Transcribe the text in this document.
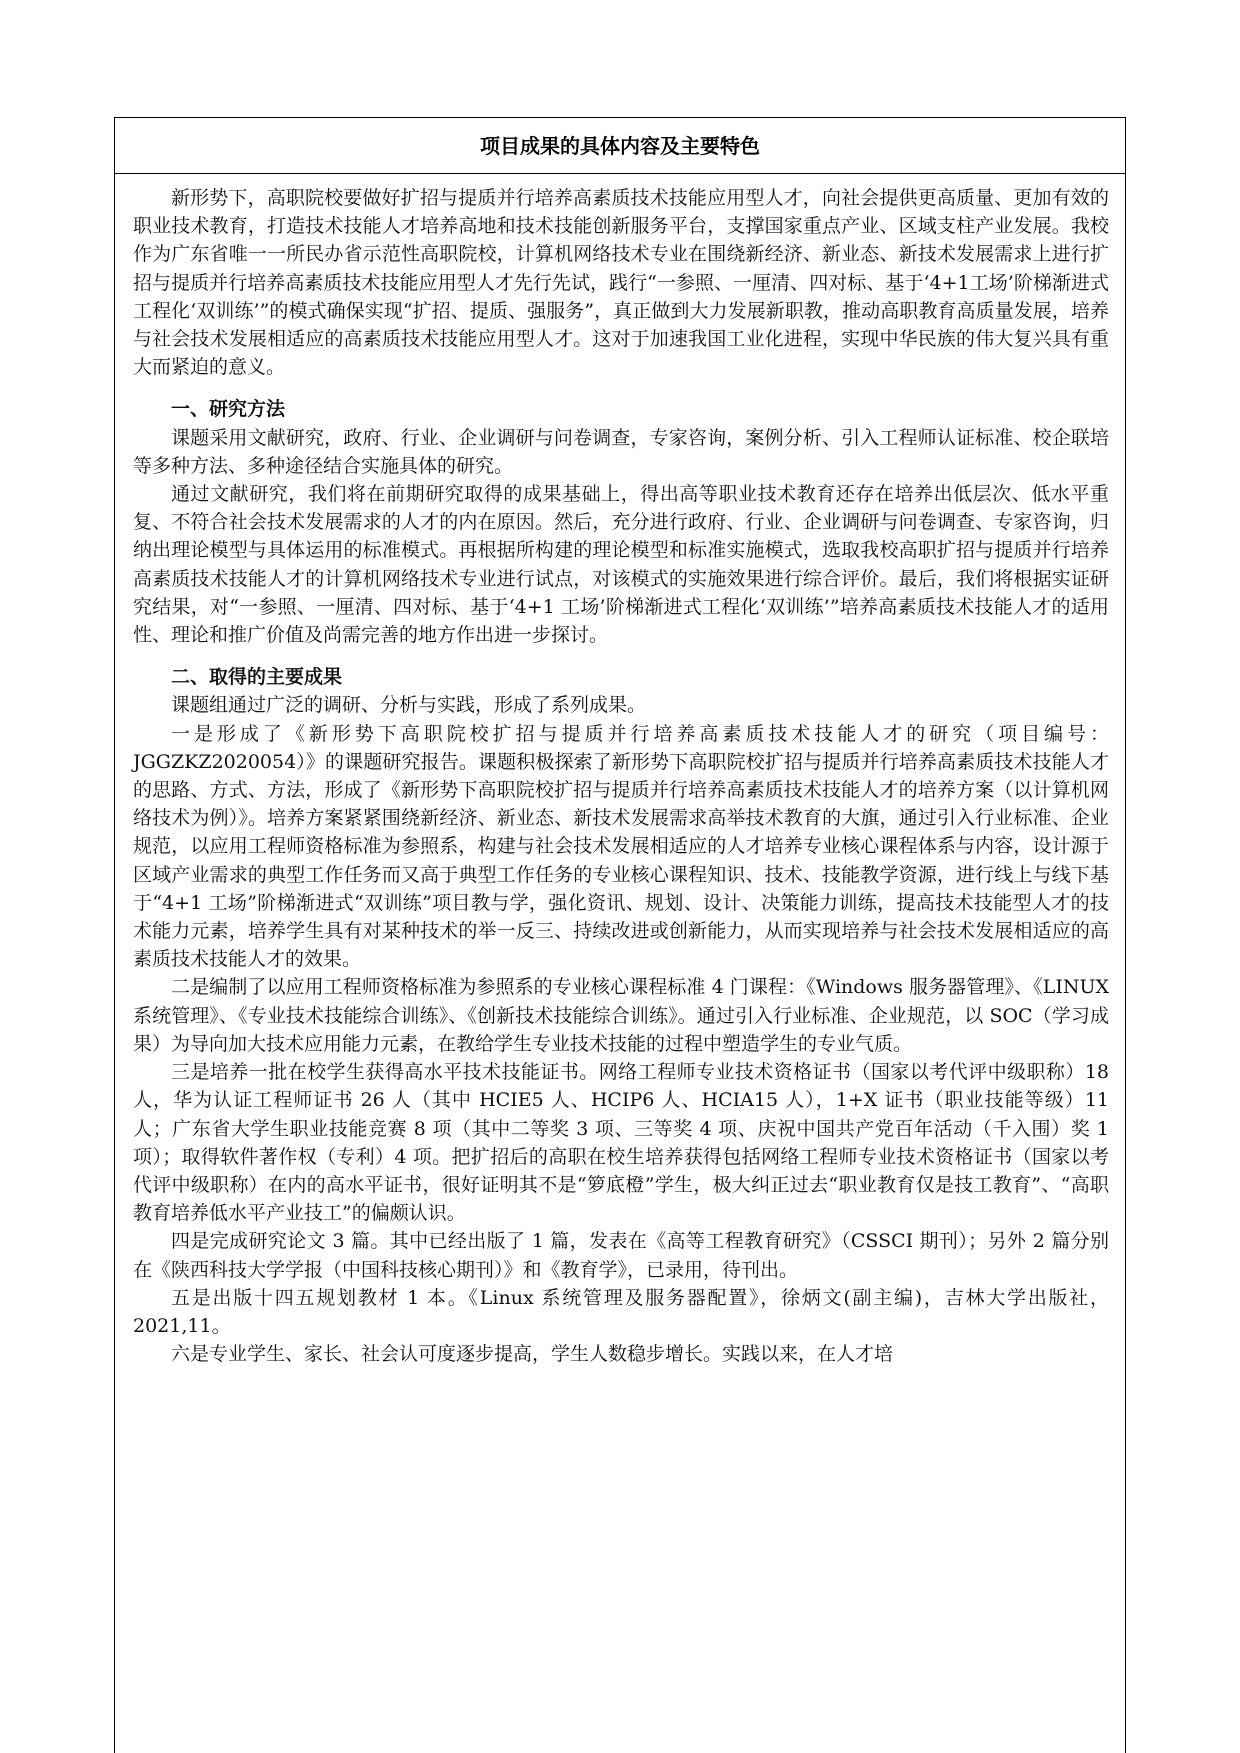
项目成果的具体内容及主要特色

新形势下，高职院校要做好扩招与提质并行培养高素质技术技能应用型人才，向社会提供更高质量、更加有效的职业技术教育，打造技术技能人才培养高地和技术技能创新服务平台，支撑国家重点产业、区域支柱产业发展。我校作为广东省唯一一所民办省示范性高职院校，计算机网络技术专业在围绕新经济、新业态、新技术发展需求上进行扩招与提质并行培养高素质技术技能应用型人才先行先试，践行“一参照、一厘清、四对标、基于‘4+1工场’阶梯渐进式工程化‘双训练’”的模式确保实现“扩招、提质、强服务”，真正做到大力发展新职教，推动高职教育高质量发展，培养与社会技术发展相适应的高素质技术技能应用型人才。这对于加速我国工业化进程，实现中华民族的伟大复兴具有重大而紧迫的意义。

一、研究方法

课题采用文献研究，政府、行业、企业调研与问卷调查，专家咨询，案例分析、引入工程师认证标准、校企联培等多种方法、多种途径结合实施具体的研究。

通过文献研究，我们将在前期研究取得的成果基础上，得出高等职业技术教育还存在培养出低层次、低水平重复、不符合社会技术发展需求的人才的内在原因。然后，充分进行政府、行业、企业调研与问卷调查、专家咨询，归纳出理论模型与具体运用的标准模式。再根据所构建的理论模型和标准实施模式，选取我校高职扩招与提质并行培养高素质技术技能人才的计算机网络技术专业进行试点，对该模式的实施效果进行综合评价。最后，我们将根据实证研究结果，对“一参照、一厘清、四对标、基于‘4+1 工场’阶梯渐进式工程化‘双训练’”培养高素质技术技能人才的适用性、理论和推广价值及尚需完善的地方作出进一步探讨。

二、取得的主要成果

课题组通过广泛的调研、分析与实践，形成了系列成果。

一是形成了《新形势下高职院校扩招与提质并行培养高素质技术技能人才的研究（项目编号：JGGZKZ2020054）》的课题研究报告。课题积极探索了新形势下高职院校扩招与提质并行培养高素质技术技能人才的思路、方式、方法，形成了《新形势下高职院校扩招与提质并行培养高素质技术技能人才的培养方案（以计算机网络技术为例）》。培养方案紧紧围绕新经济、新业态、新技术发展需求高举技术教育的大旗，通过引入行业标准、企业规范，以应用工程师资格标准为参照系，构建与社会技术发展相适应的人才培养专业核心课程体系与内容，设计源于区域产业需求的典型工作任务而又高于典型工作任务的专业核心课程知识、技术、技能教学资源，进行线上与线下基于“4+1 工场”阶梯渐进式“双训练”项目教与学，强化资讯、规划、设计、决策能力训练，提高技术技能型人才的技术能力元素，培养学生具有对某种技术的举一反三、持续改进或创新能力，从而实现培养与社会技术发展相适应的高素质技术技能人才的效果。

二是编制了以应用工程师资格标准为参照系的专业核心课程标准 4 门课程：《Windows 服务器管理》、《LINUX 系统管理》、《专业技术技能综合训练》、《创新技术技能综合训练》。通过引入行业标准、企业规范，以 SOC（学习成果）为导向加大技术应用能力元素，在教给学生专业技术技能的过程中塑造学生的专业气质。

三是培养一批在校学生获得高水平技术技能证书。网络工程师专业技术资格证书（国家以考代评中级职称）18 人，华为认证工程师证书 26 人（其中 HCIE5 人、HCIP6 人、HCIA15 人），1+X 证书（职业技能等级）11 人；广东省大学生职业技能竞赛 8 项（其中二等奖 3 项、三等奖 4 项、庆祝中国共产党百年活动（千入围）奖 1 项）；取得软件著作权（专利）4 项。把扩招后的高职在校生培养获得包括网络工程师专业技术资格证书（国家以考代评中级职称）在内的高水平证书，很好证明其不是“箩底橙”学生，极大纠正过去“职业教育仅是技工教育”、“高职教育培养低水平产业技工”的偏颇认识。

四是完成研究论文 3 篇。其中已经出版了 1 篇，发表在《高等工程教育研究》（CSSCI 期刊）；另外 2 篇分别在《陕西科技大学学报（中国科技核心期刊）》和《教育学》，已录用，待刊出。

五是出版十四五规划教材 1 本。《Linux 系统管理及服务器配置》，徐炳文(副主编)，吉林大学出版社，2021,11。

六是专业学生、家长、社会认可度逐步提高，学生人数稳步增长。实践以来，在人才培
